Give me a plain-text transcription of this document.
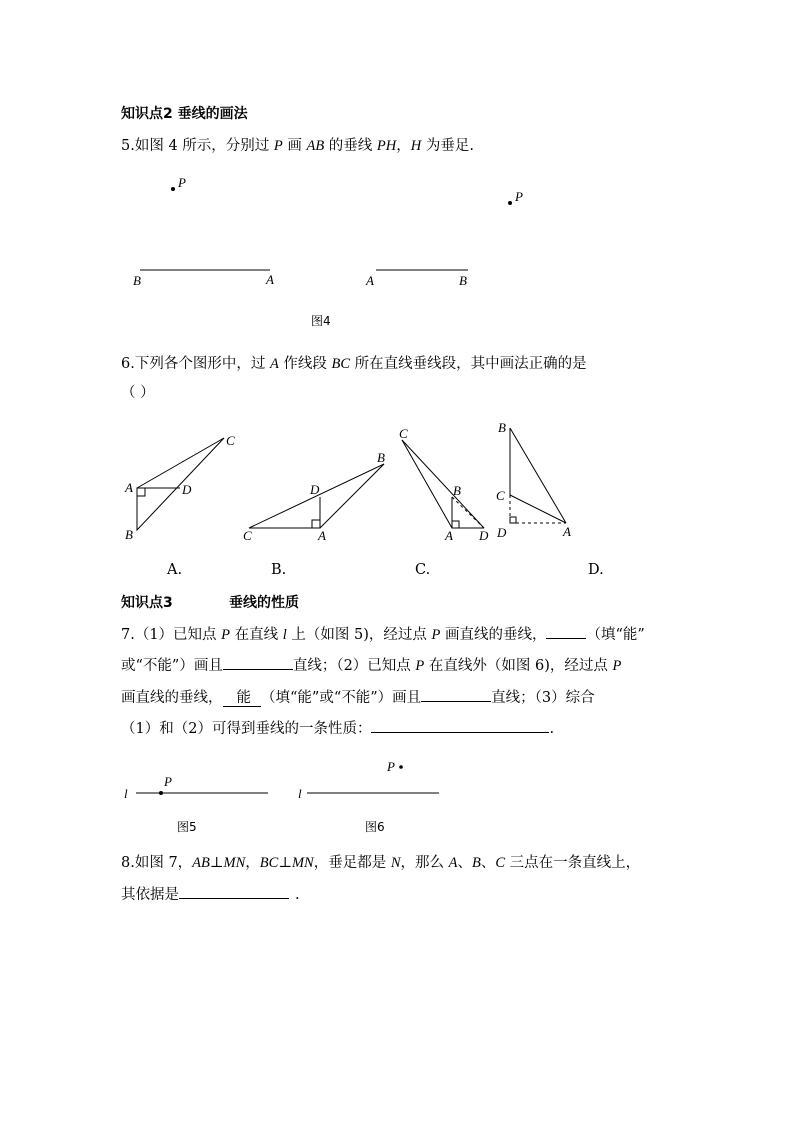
知识点2 垂线的画法
5.如图 4 所示，分别过 P 画 AB 的垂线 PH，H 为垂足.
P
B	A
P
A	B
图4
C
A	D
B
B
D
C	A
C
B
A D
B
C
D	A
l
P
图5
l
P
图6
6.下列各个图形中，过 A 作线段 BC 所在直线垂线段，其中画法正确的是
（ ）
A.	B.	C.	D.
知识点3	垂线的性质
7.（1）已知点 P 在直线 l 上（如图 5)，经过点 P 画直线的垂线，	（填“能”
或“不能”）画且	直线；（2）已知点 P 在直线外（如图 6)，经过点 P
画直线的垂线， 能 （填“能”或“不能”）画且	直线；（3）综合
（1）和（2）可得到垂线的一条性质：	.
8.如图 7，AB⊥MN，BC⊥MN，垂足都是 N，那么 A、B、C 三点在一条直线上，
其依据是	.
